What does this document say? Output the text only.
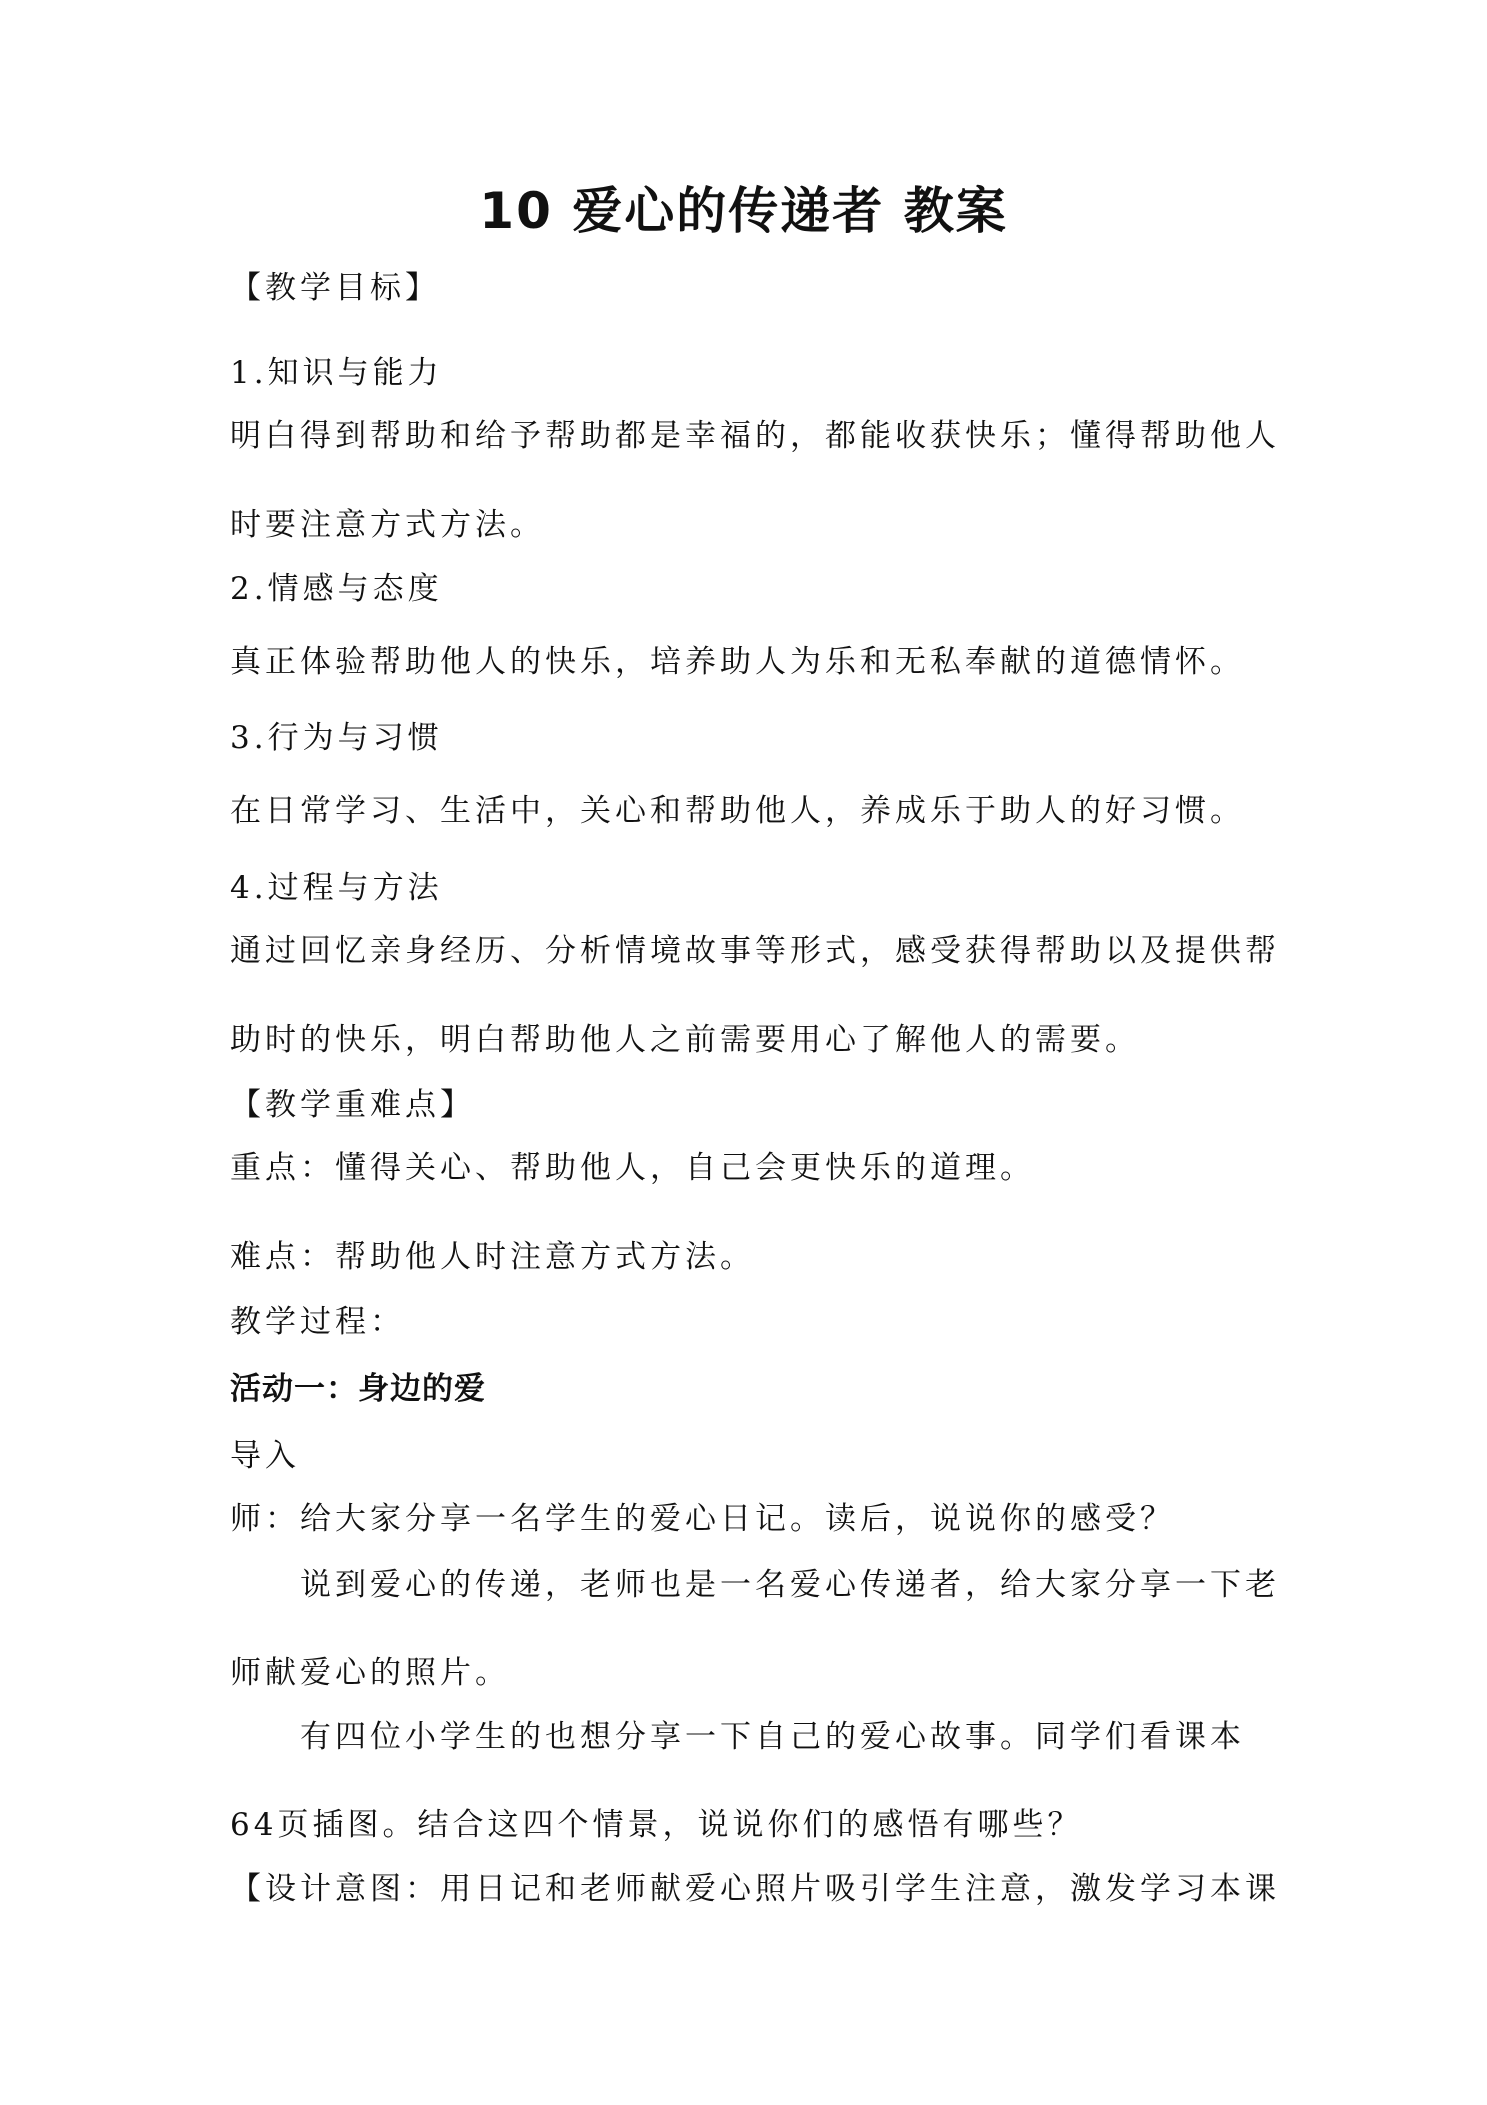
10 爱心的传递者 教案
【教学目标】
1.知识与能力
明白得到帮助和给予帮助都是幸福的，都能收获快乐；懂得帮助他人
时要注意方式方法。
2.情感与态度
真正体验帮助他人的快乐，培养助人为乐和无私奉献的道德情怀。
3.行为与习惯
在日常学习、生活中，关心和帮助他人，养成乐于助人的好习惯。
4.过程与方法
通过回忆亲身经历、分析情境故事等形式，感受获得帮助以及提供帮
助时的快乐，明白帮助他人之前需要用心了解他人的需要。
【教学重难点】
重点：懂得关心、帮助他人，自己会更快乐的道理。
难点：帮助他人时注意方式方法。
教学过程：
活动一：身边的爱
导入
师：给大家分享一名学生的爱心日记。读后，说说你的感受？
说到爱心的传递，老师也是一名爱心传递者，给大家分享一下老
师献爱心的照片。
有四位小学生的也想分享一下自己的爱心故事。同学们看课本
64页插图。结合这四个情景，说说你们的感悟有哪些？
【设计意图：用日记和老师献爱心照片吸引学生注意，激发学习本课
